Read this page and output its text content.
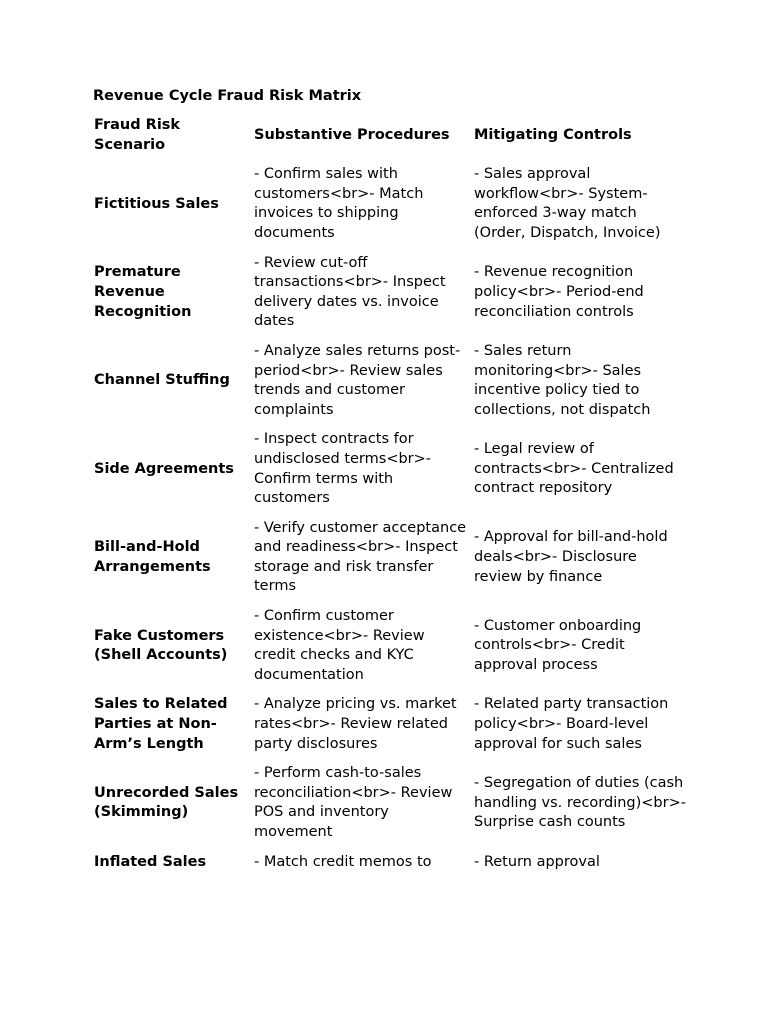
Revenue Cycle Fraud Risk Matrix
Fraud Risk Scenario	Substantive Procedures	Mitigating Controls
Fictitious Sales	- Confirm sales with customers<br>- Match invoices to shipping documents	- Sales approval workflow<br>- System-enforced 3-way match (Order, Dispatch, Invoice)
Premature Revenue Recognition	- Review cut-off transactions<br>- Inspect delivery dates vs. invoice dates	- Revenue recognition policy<br>- Period-end reconciliation controls
Channel Stuffing	- Analyze sales returns post-period<br>- Review sales trends and customer complaints	- Sales return monitoring<br>- Sales incentive policy tied to collections, not dispatch
Side Agreements	- Inspect contracts for undisclosed terms<br>- Confirm terms with customers	- Legal review of contracts<br>- Centralized contract repository
Bill-and-Hold Arrangements	- Verify customer acceptance and readiness<br>- Inspect storage and risk transfer terms	- Approval for bill-and-hold deals<br>- Disclosure review by finance
Fake Customers (Shell Accounts)	- Confirm customer existence<br>- Review credit checks and KYC documentation	- Customer onboarding controls<br>- Credit approval process
Sales to Related Parties at Non-Arm’s Length	- Analyze pricing vs. market rates<br>- Review related party disclosures	- Related party transaction policy<br>- Board-level approval for such sales
Unrecorded Sales (Skimming)	- Perform cash-to-sales reconciliation<br>- Review POS and inventory movement	- Segregation of duties (cash handling vs. recording)<br>- Surprise cash counts
Inflated Sales	- Match credit memos to	- Return approval
